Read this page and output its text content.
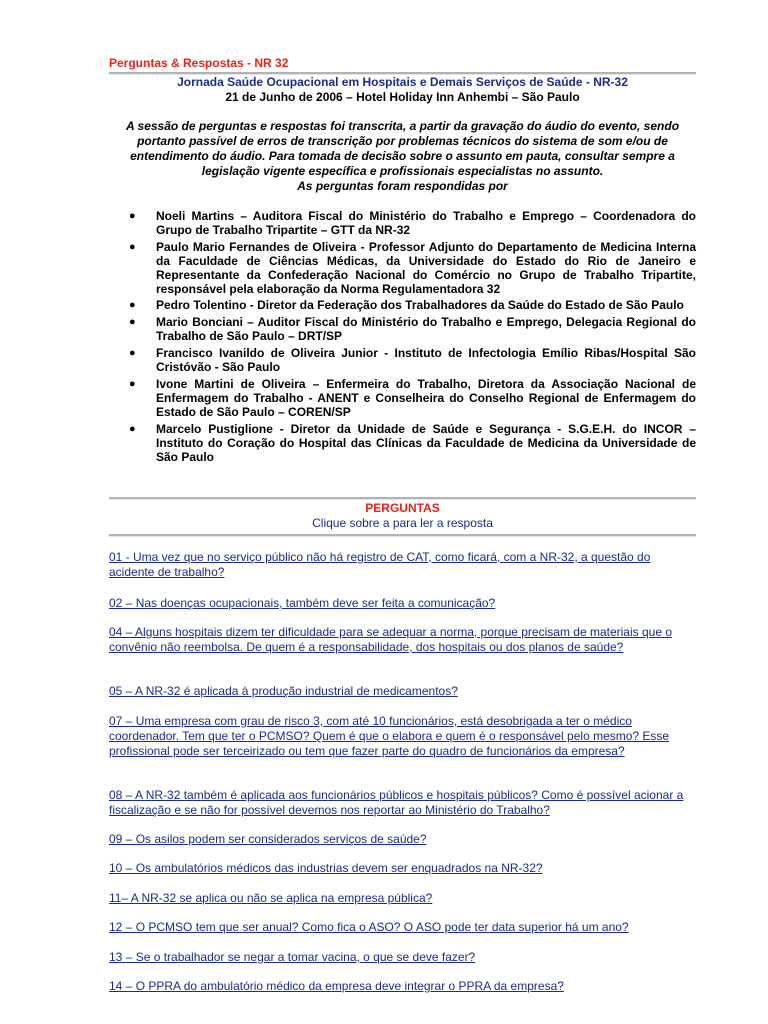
Perguntas & Respostas - NR 32

Jornada Saúde Ocupacional em Hospitais e Demais Serviços de Saúde - NR-32

21 de Junho de 2006 – Hotel Holiday Inn Anhembi – São Paulo

A sessão de perguntas e respostas foi transcrita, a partir da gravação do áudio do evento, sendo portanto passível de erros de transcrição por problemas técnicos do sistema de som e/ou de entendimento do áudio. Para tomada de decisão sobre o assunto em pauta, consultar sempre a legislação vigente específica e profissionais especialistas no assunto.
As perguntas foram respondidas por
● Noeli Martins – Auditora Fiscal do Ministério do Trabalho e Emprego – Coordenadora do Grupo de Trabalho Tripartite – GTT da NR-32
● Paulo Mario Fernandes de Oliveira - Professor Adjunto do Departamento de Medicina Interna da Faculdade de Ciências Médicas, da Universidade do Estado do Rio de Janeiro e Representante da Confederação Nacional do Comércio no Grupo de Trabalho Tripartite, responsável pela elaboração da Norma Regulamentadora 32
● Pedro Tolentino - Diretor da Federação dos Trabalhadores da Saúde do Estado de São Paulo
● Mario Bonciani – Auditor Fiscal do Ministério do Trabalho e Emprego, Delegacia Regional do Trabalho de São Paulo – DRT/SP
● Francisco Ivanildo de Oliveira Junior - Instituto de Infectologia Emílio Ribas/Hospital São Cristóvão - São Paulo
● Ivone Martini de Oliveira – Enfermeira do Trabalho, Diretora da Associação Nacional de Enfermagem do Trabalho - ANENT e Conselheira do Conselho Regional de Enfermagem do Estado de São Paulo – COREN/SP
● Marcelo Pustiglione - Diretor da Unidade de Saúde e Segurança - S.G.E.H. do INCOR – Instituto do Coração do Hospital das Clínicas da Faculdade de Medicina da Universidade de São Paulo

PERGUNTAS

Clique sobre a para ler a resposta

01 - Uma vez que no serviço público não há registro de CAT, como ficará, com a NR-32, a questão do acidente de trabalho?
02 – Nas doenças ocupacionais, também deve ser feita a comunicação?
04 – Alguns hospitais dizem ter dificuldade para se adequar a norma, porque precisam de materiais que o convênio não reembolsa. De quem é a responsabilidade, dos hospitais ou dos planos de saúde?
05 – A NR-32 é aplicada à produção industrial de medicamentos?
07 – Uma empresa com grau de risco 3, com até 10 funcionários, está desobrigada a ter o médico coordenador. Tem que ter o PCMSO? Quem é que o elabora e quem é o responsável pelo mesmo? Esse profissional pode ser terceirizado ou tem que fazer parte do quadro de funcionários da empresa?
08 – A NR-32 também é aplicada aos funcionários públicos e hospitais públicos? Como é possível acionar a fiscalização e se não for possível devemos nos reportar ao Ministério do Trabalho?
09 – Os asilos podem ser considerados serviços de saúde?
10 – Os ambulatórios médicos das industrias devem ser enquadrados na NR-32?
11– A NR-32 se aplica ou não se aplica na empresa pública?
12 – O PCMSO tem que ser anual? Como fica o ASO? O ASO pode ter data superior há um ano?
13 – Se o trabalhador se negar a tomar vacina, o que se deve fazer?
14 – O PPRA do ambulatório médico da empresa deve integrar o PPRA da empresa?
